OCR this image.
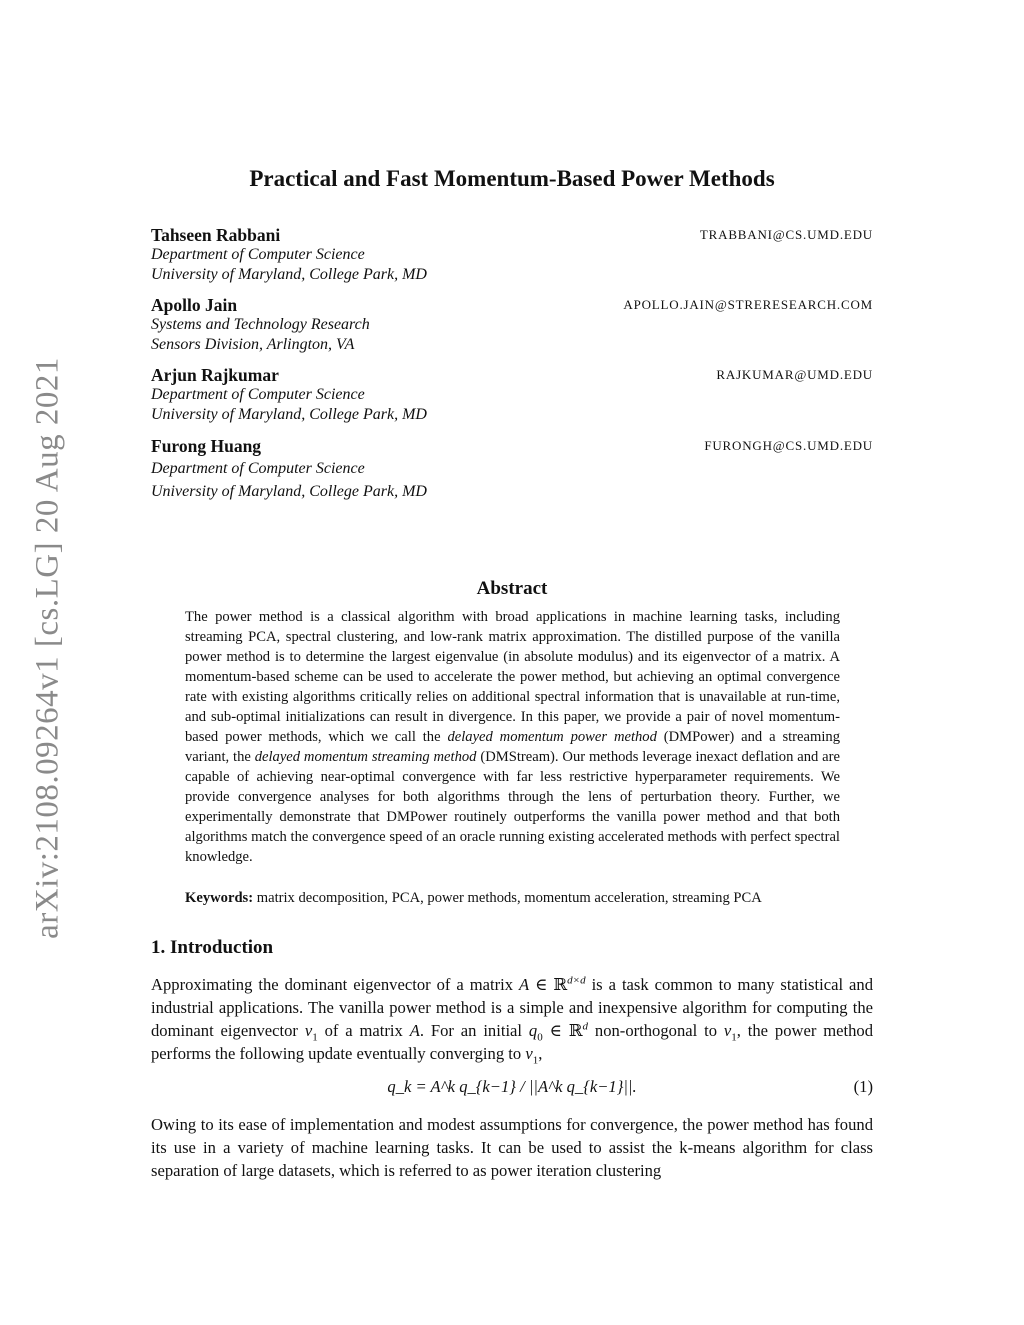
arXiv:2108.09264v1 [cs.LG] 20 Aug 2021
Practical and Fast Momentum-Based Power Methods
Tahseen Rabbani
Department of Computer Science
University of Maryland, College Park, MD
TRABBANI@CS.UMD.EDU
Apollo Jain
Systems and Technology Research
Sensors Division, Arlington, VA
APOLLO.JAIN@STRERESEARCH.COM
Arjun Rajkumar
Department of Computer Science
University of Maryland, College Park, MD
RAJKUMAR@UMD.EDU
Furong Huang
Department of Computer Science
University of Maryland, College Park, MD
FURONGH@CS.UMD.EDU
Abstract
The power method is a classical algorithm with broad applications in machine learning tasks, including streaming PCA, spectral clustering, and low-rank matrix approximation. The distilled purpose of the vanilla power method is to determine the largest eigenvalue (in absolute modulus) and its eigenvector of a matrix. A momentum-based scheme can be used to accelerate the power method, but achieving an optimal convergence rate with existing algorithms critically relies on additional spectral information that is unavailable at run-time, and sub-optimal initializations can result in divergence. In this paper, we provide a pair of novel momentum-based power methods, which we call the delayed momentum power method (DMPower) and a streaming variant, the delayed momentum streaming method (DMStream). Our methods leverage inexact deflation and are capable of achieving near-optimal convergence with far less restrictive hyperparameter requirements. We provide convergence analyses for both algorithms through the lens of perturbation theory. Further, we experimentally demonstrate that DMPower routinely outperforms the vanilla power method and that both algorithms match the convergence speed of an oracle running existing accelerated methods with perfect spectral knowledge.
Keywords: matrix decomposition, PCA, power methods, momentum acceleration, streaming PCA
1. Introduction
Approximating the dominant eigenvector of a matrix A ∈ ℝ$^{d\times d}$ is a task common to many statistical and industrial applications. The vanilla power method is a simple and inexpensive algorithm for computing the dominant eigenvector $v_1$ of a matrix A. For an initial $q_0$ ∈ ℝ$^d$ non-orthogonal to $v_1$, the power method performs the following update eventually converging to $v_1$,
q_k = A^k q_{k−1} / ||A^k q_{k−1}||.	(1)
Owing to its ease of implementation and modest assumptions for convergence, the power method has found its use in a variety of machine learning tasks. It can be used to assist the k-means algorithm for class separation of large datasets, which is referred to as power iteration clustering
